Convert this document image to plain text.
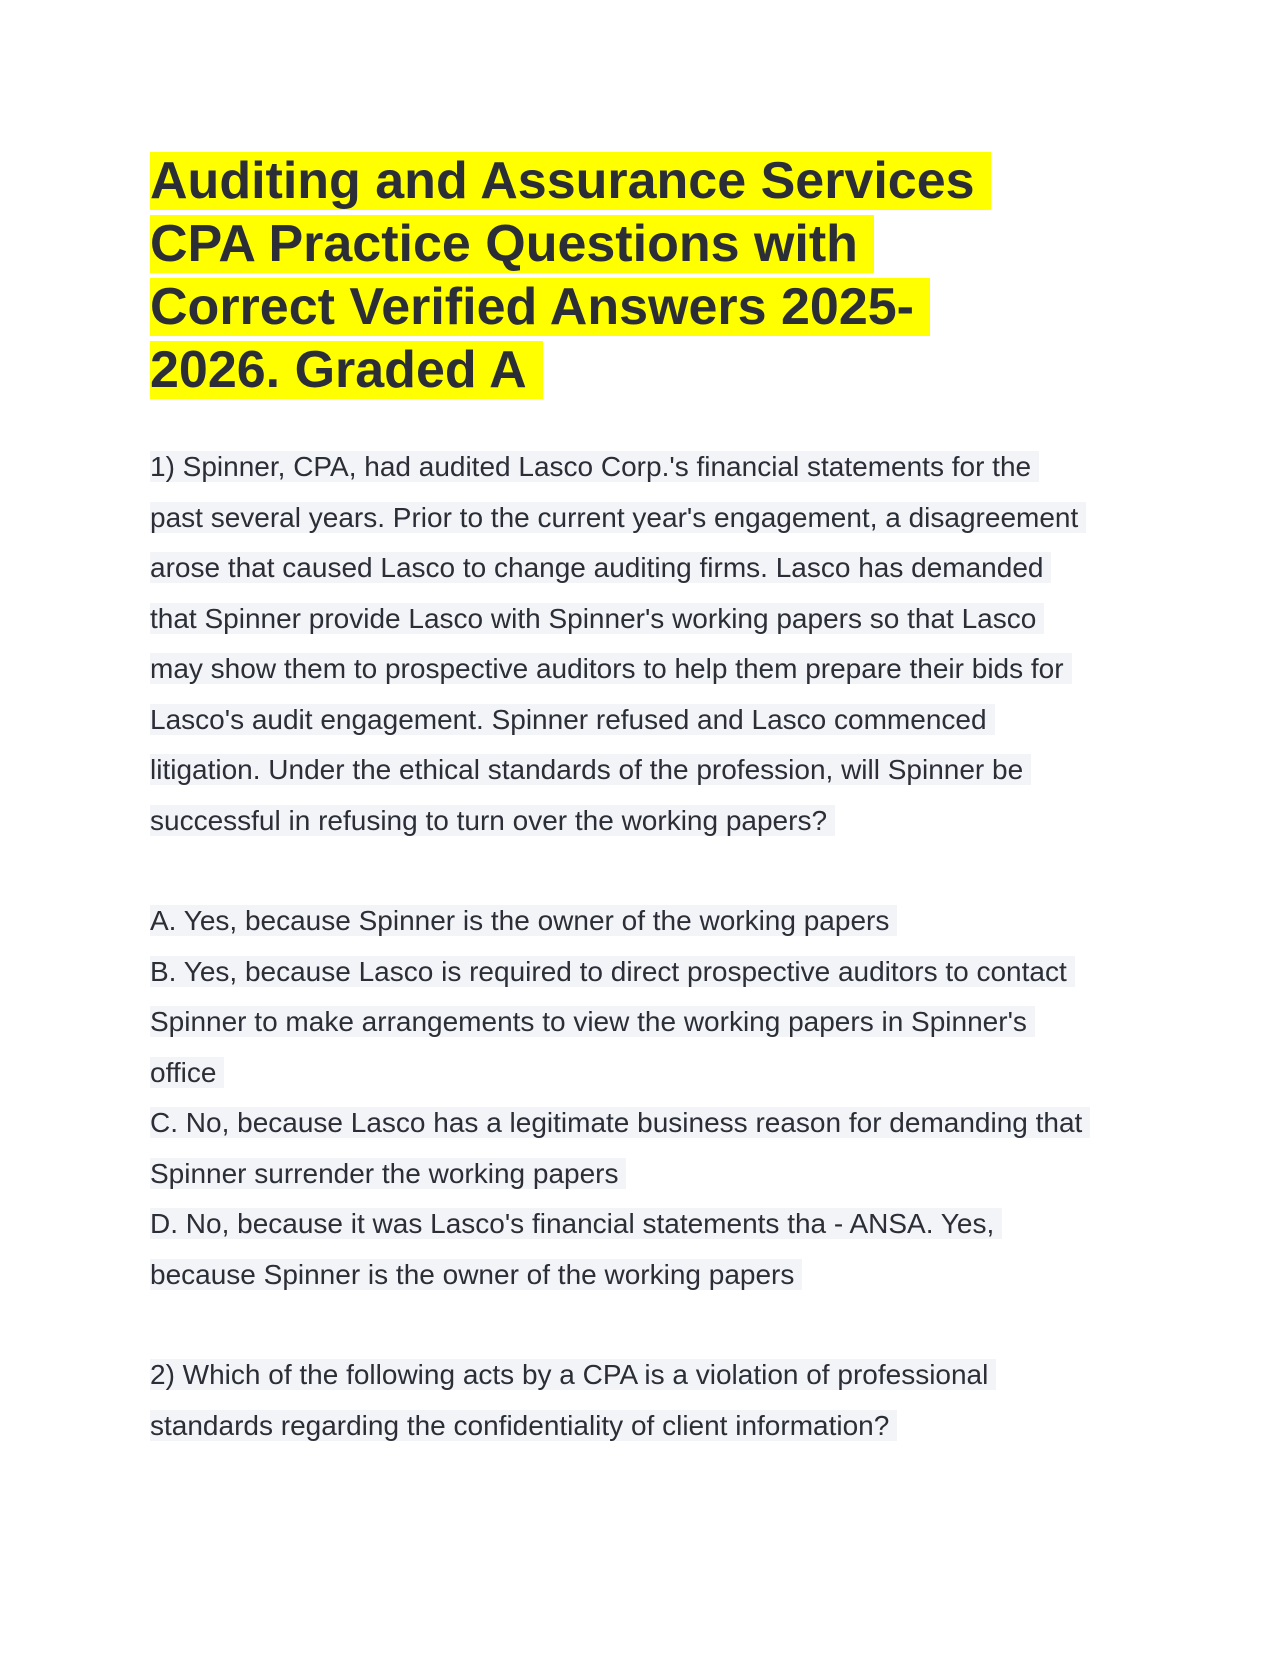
Auditing and Assurance Services
CPA Practice Questions with
Correct Verified Answers 2025-
2026. Graded A

1) Spinner, CPA, had audited Lasco Corp.'s financial statements for the
past several years. Prior to the current year's engagement, a disagreement
arose that caused Lasco to change auditing firms. Lasco has demanded
that Spinner provide Lasco with Spinner's working papers so that Lasco
may show them to prospective auditors to help them prepare their bids for
Lasco's audit engagement. Spinner refused and Lasco commenced
litigation. Under the ethical standards of the profession, will Spinner be
successful in refusing to turn over the working papers?

A. Yes, because Spinner is the owner of the working papers
B. Yes, because Lasco is required to direct prospective auditors to contact
Spinner to make arrangements to view the working papers in Spinner's
office
C. No, because Lasco has a legitimate business reason for demanding that
Spinner surrender the working papers
D. No, because it was Lasco's financial statements tha - ANSA. Yes,
because Spinner is the owner of the working papers

2) Which of the following acts by a CPA is a violation of professional
standards regarding the confidentiality of client information?
